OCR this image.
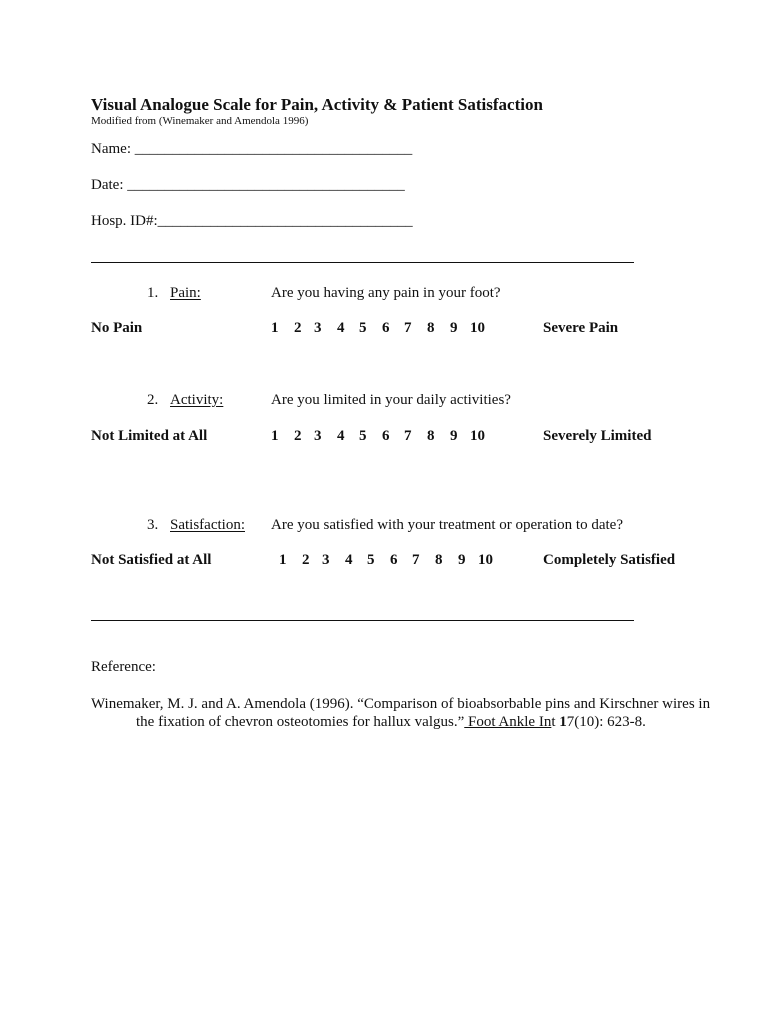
Visual Analogue Scale for Pain, Activity & Patient Satisfaction
Modified from (Winemaker and Amendola 1996)
Name: _____________________________________
Date: _____________________________________
Hosp. ID#:__________________________________
1. Pain:	Are you having any pain in your foot?
No Pain	1	2 3	4 5	6 7	8	9 10	Severe Pain
2. Activity:	Are you limited in your daily activities?
Not Limited at All	1	2 3	4 5	6 7	8	9 10	Severely Limited
3. Satisfaction: Are you satisfied with your treatment or operation to date?
Not Satisfied at All	1	2 3	4 5	6 7	8	9 10	Completely Satisfied
Reference:
Winemaker, M. J. and A. Amendola (1996). “Comparison of bioabsorbable pins and Kirschner wires in
the fixation of chevron osteotomies for hallux valgus.” Foot Ankle Int 17(10): 623-8.
